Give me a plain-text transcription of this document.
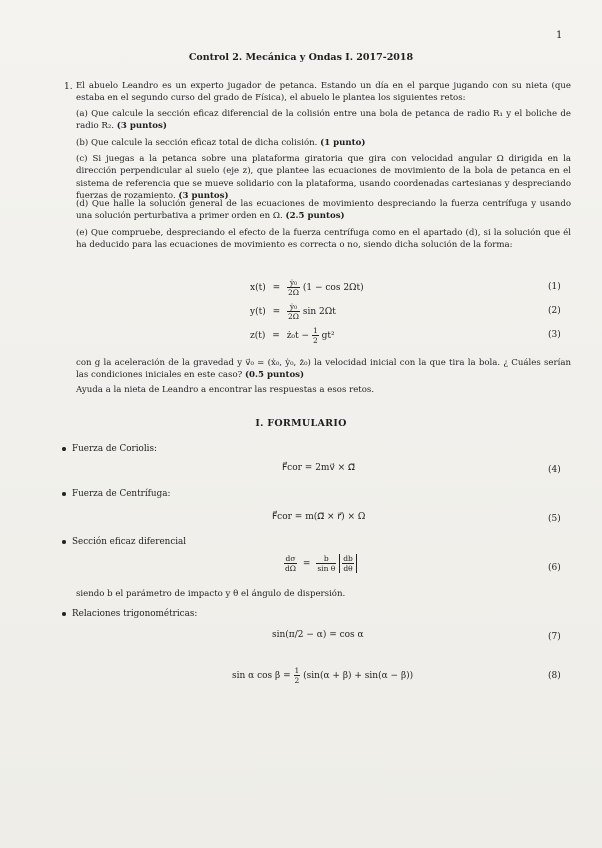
1
Control 2. Mecánica y Ondas I. 2017-2018
1. El abuelo Leandro es un experto jugador de petanca. Estando un día en el parque jugando con su nieta (que estaba en el segundo curso del grado de Física), el abuelo le plantea los siguientes retos:
(a) Que calcule la sección eficaz diferencial de la colisión entre una bola de petanca de radio R₁ y el boliche de radio R₂. (3 puntos)
(b) Que calcule la sección eficaz total de dicha colisión. (1 punto)
(c) Si juegas a la petanca sobre una plataforma giratoria que gira con velocidad angular Ω dirigida en la dirección perpendicular al suelo (eje z), que plantee las ecuaciones de movimiento de la bola de petanca en el sistema de referencia que se mueve solidario con la plataforma, usando coordenadas cartesianas y despreciando fuerzas de rozamiento. (3 puntos)
(d) Que halle la solución general de las ecuaciones de movimiento despreciando la fuerza centrífuga y usando una solución perturbativa a primer orden en Ω. (2.5 puntos)
(e) Que compruebe, despreciando el efecto de la fuerza centrífuga como en el apartado (d), si la solución que él ha deducido para las ecuaciones de movimiento es correcta o no, siendo dicha solución de la forma:
$x(t) = \frac{\text{ẏ₀}}{2\Omega} (1 - \cos 2\Omega t)$	(1)
$y(t) = \frac{\text{ẏ₀}}{2\Omega}$ sin 2Ωt	(2)
z(t) = ż₀t − $\frac{1}{2} gt^2$	(3)
con g la aceleración de la gravedad y v⃗₀ = (ẋ₀, ẏ₀, ż₀) la velocidad inicial con la que tira la bola. ¿ Cuáles serían las condiciones iniciales en este caso? (0.5 puntos)
Ayuda a la nieta de Leandro a encontrar las respuestas a esos retos.
I. FORMULARIO
Fuerza de Coriolis:
F⃗cor = 2mv⃗ × Ω⃗	(4)
Fuerza de Centrífuga:
F⃗cor = m(Ω⃗ × r⃗) × Ω	(5)
Sección eficaz diferencial
$\frac{d\sigma}{d\Omega} = \frac{b}{\text{sin θ}}$
$\frac{db}{d\theta}$	(6)
siendo b el parámetro de impacto y θ el ángulo de dispersión.
Relaciones trigonométricas:
sin(π/2 − α) = cos α	(7)
sin α $\cos \beta = \frac{1}{2} (\sin(\alpha + \beta) + \sin(\alpha - \beta))$	(8)
